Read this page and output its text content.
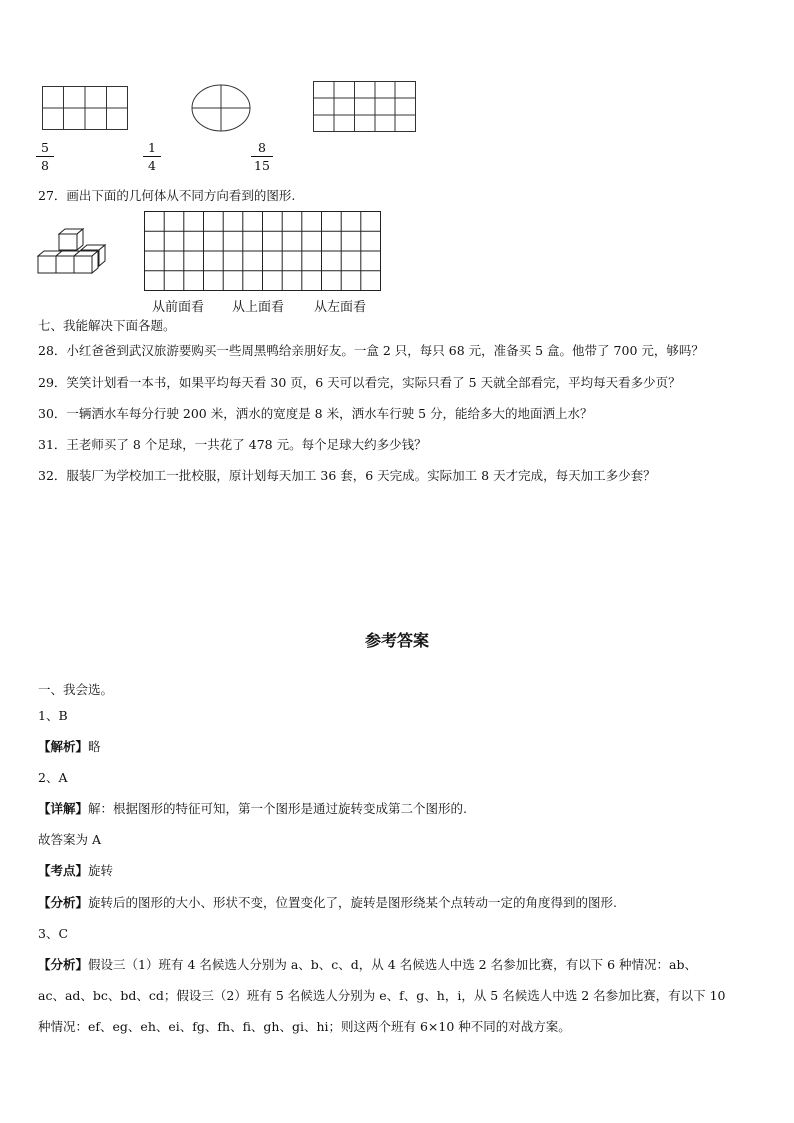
5
8
1
4
8
15
27．画出下面的几何体从不同方向看到的图形.
从前面看 从上面看 从左面看
七、我能解决下面各题。
28．小红爸爸到武汉旅游要购买一些周黑鸭给亲朋好友。一盒 2 只，每只 68 元，准备买 5 盒。他带了 700 元，够吗？
29．笑笑计划看一本书，如果平均每天看 30 页，6 天可以看完，实际只看了 5 天就全部看完，平均每天看多少页？
30．一辆洒水车每分行驶 200 米，洒水的宽度是 8 米，洒水车行驶 5 分，能给多大的地面洒上水？
31．王老师买了 8 个足球，一共花了 478 元。每个足球大约多少钱？
32．服装厂为学校加工一批校服，原计划每天加工 36 套，6 天完成。实际加工 8 天才完成，每天加工多少套？
参考答案
一、我会选。
1、B
【解析】略
2、A
【详解】解：根据图形的特征可知，第一个图形是通过旋转变成第二个图形的.
故答案为 A
【考点】旋转
【分析】旋转后的图形的大小、形状不变，位置变化了，旋转是图形绕某个点转动一定的角度得到的图形.
3、C
【分析】假设三（1）班有 4 名候选人分别为 a、b、c、d，从 4 名候选人中选 2 名参加比赛，有以下 6 种情况：ab、
ac、ad、bc、bd、cd；假设三（2）班有 5 名候选人分别为 e、f、g、h，i，从 5 名候选人中选 2 名参加比赛，有以下 10
种情况：ef、eg、eh、ei、fg、fh、fi、gh、gi、hi；则这两个班有 6×10 种不同的对战方案。
